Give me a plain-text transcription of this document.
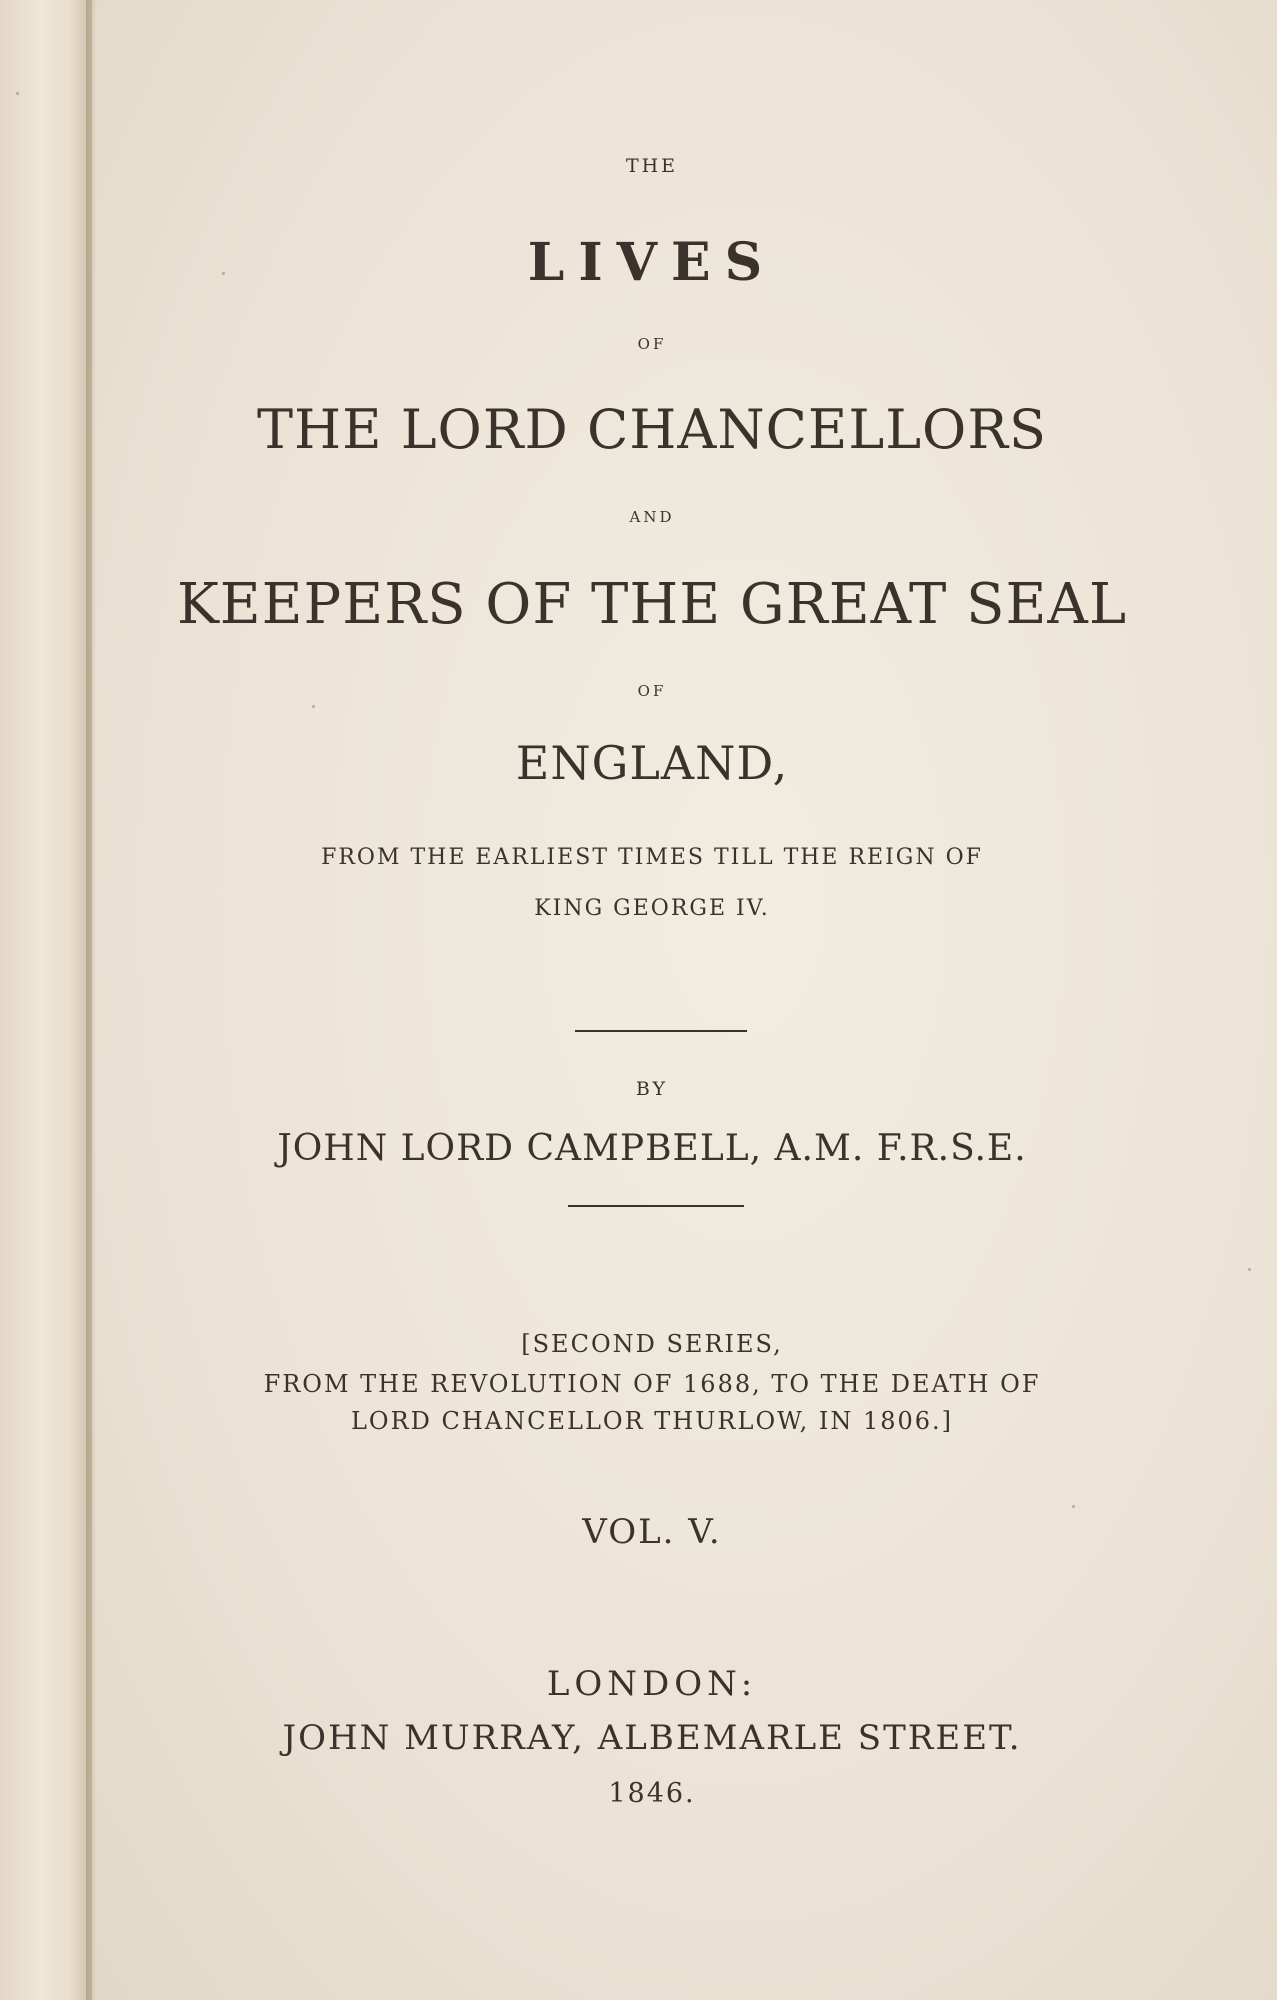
THE

LIVES

OF

THE LORD CHANCELLORS

AND

KEEPERS OF THE GREAT SEAL

OF

ENGLAND,

FROM THE EARLIEST TIMES TILL THE REIGN OF

KING GEORGE IV.

BY

JOHN LORD CAMPBELL, A.M. F.R.S.E.

[SECOND SERIES,

FROM THE REVOLUTION OF 1688, TO THE DEATH OF

LORD CHANCELLOR THURLOW, IN 1806.]

VOL. V.

LONDON:

JOHN MURRAY, ALBEMARLE STREET.

1846.
